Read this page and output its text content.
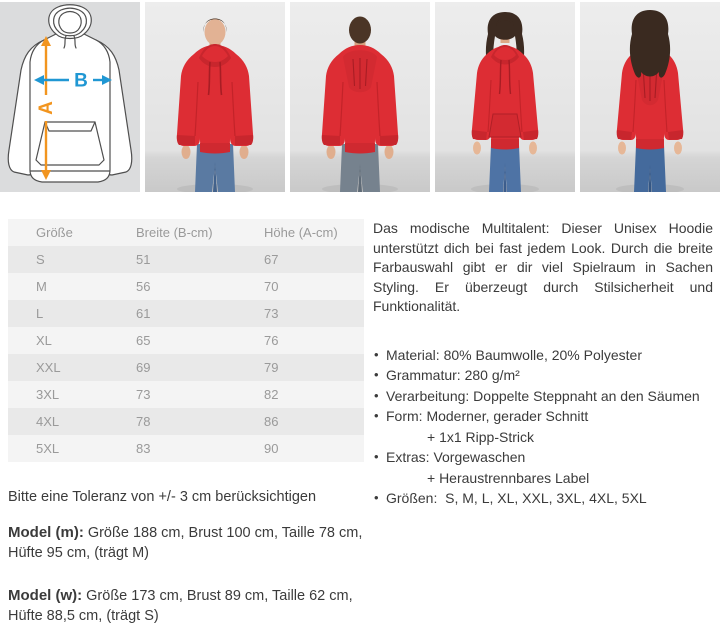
A
B
Größe	Breite (B-cm)	Höhe (A-cm)
S	51	67
M	56	70
L	61	73
XL	65	76
XXL	69	79
3XL	73	82
4XL	78	86
5XL	83	90

Bitte eine Toleranz von +/- 3 cm berücksichtigen

Model (m): Größe 188 cm, Brust 100 cm, Taille 78 cm, Hüfte 95 cm, (trägt M)

Model (w): Größe 173 cm, Brust 89 cm, Taille 62 cm, Hüfte 88,5 cm, (trägt S)

Das modische Multitalent: Dieser Unisex Hoodie unterstützt dich bei fast jedem Look. Durch die breite Farbauswahl gibt er dir viel Spielraum in Sachen Styling. Er überzeugt durch Stilsicherheit und Funktionalität.

• Material: 80% Baumwolle, 20% Polyester
• Grammatur: 280 g/m²
• Verarbeitung: Doppelte Steppnaht an den Säumen
• Form: Moderner, gerader Schnitt
+ 1x1 Ripp-Strick
• Extras: Vorgewaschen
+ Heraustrennbares Label
• Größen:  S, M, L, XL, XXL, 3XL, 4XL, 5XL
